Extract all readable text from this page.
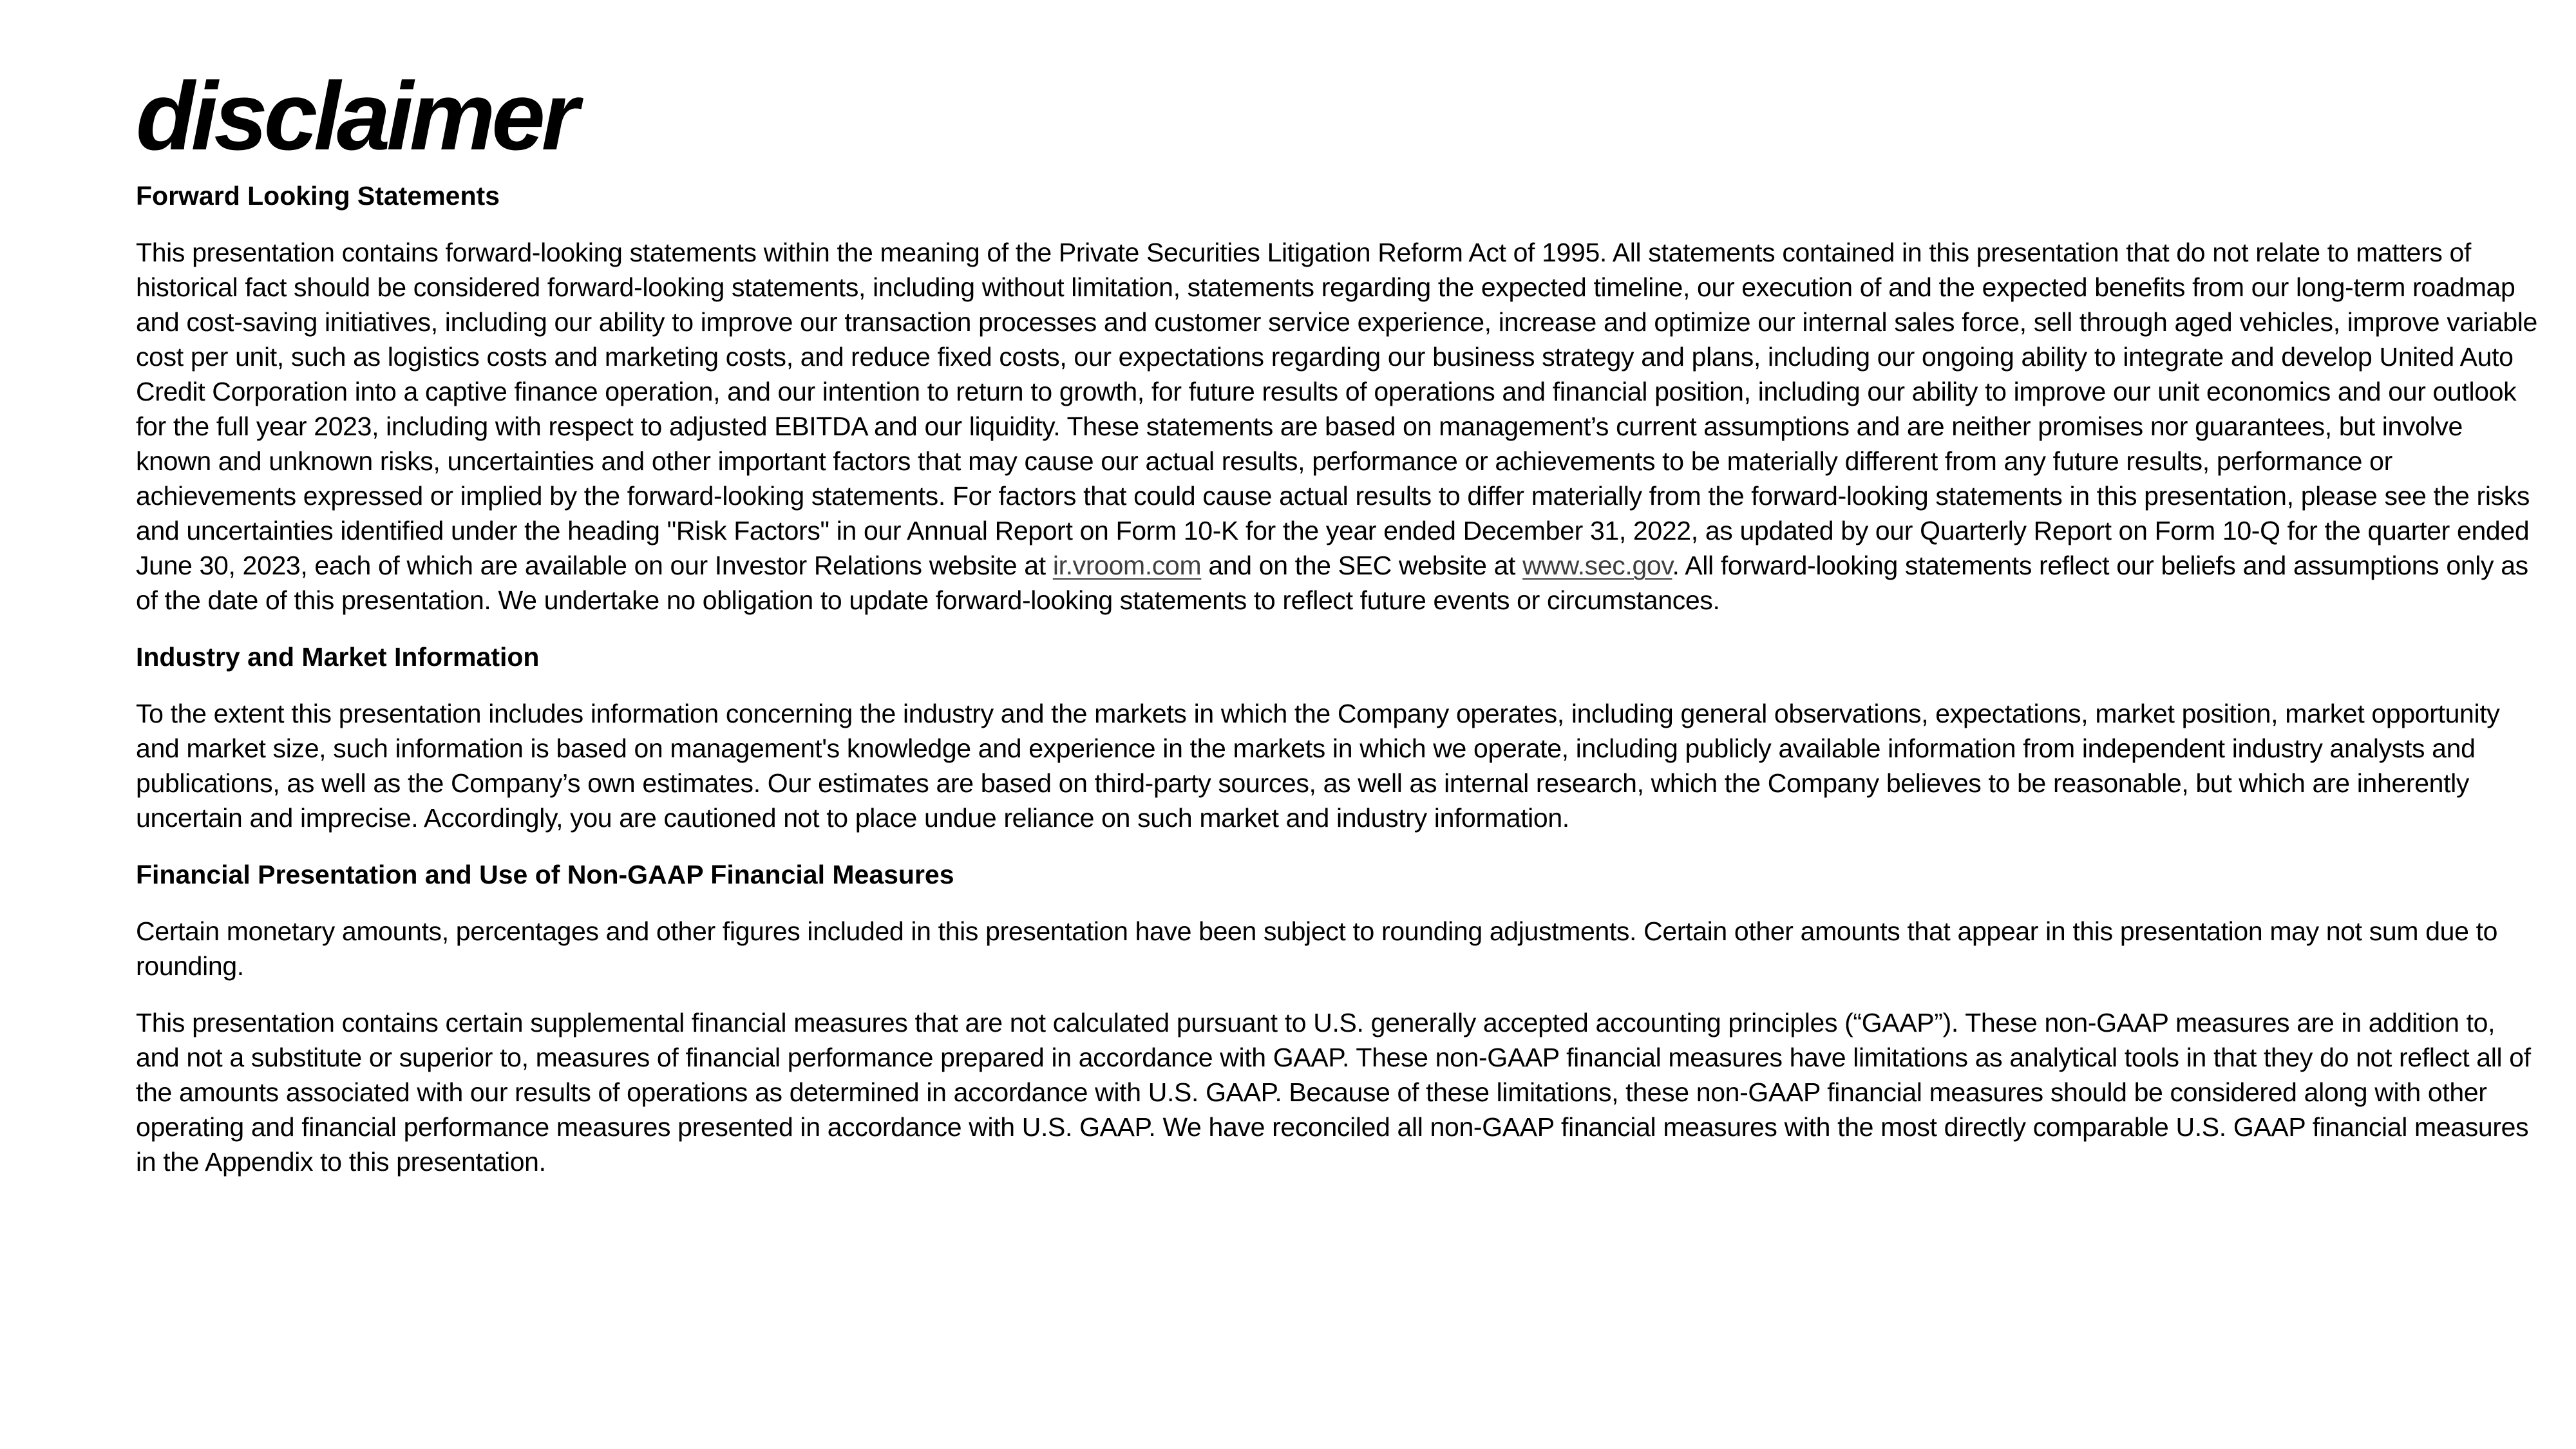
disclaimer
Forward Looking Statements

This presentation contains forward-looking statements within the meaning of the Private Securities Litigation Reform Act of 1995. All statements contained in this presentation that do not relate to matters of historical fact should be considered forward-looking statements, including without limitation, statements regarding the expected timeline, our execution of and the expected benefits from our long-term roadmap and cost-saving initiatives, including our ability to improve our transaction processes and customer service experience, increase and optimize our internal sales force, sell through aged vehicles, improve variable cost per unit, such as logistics costs and marketing costs, and reduce fixed costs, our expectations regarding our business strategy and plans, including our ongoing ability to integrate and develop United Auto Credit Corporation into a captive finance operation, and our intention to return to growth, for future results of operations and financial position, including our ability to improve our unit economics and our outlook for the full year 2023, including with respect to adjusted EBITDA and our liquidity. These statements are based on management’s current assumptions and are neither promises nor guarantees, but involve known and unknown risks, uncertainties and other important factors that may cause our actual results, performance or achievements to be materially different from any future results, performance or achievements expressed or implied by the forward-looking statements. For factors that could cause actual results to differ materially from the forward-looking statements in this presentation, please see the risks and uncertainties identified under the heading "Risk Factors" in our Annual Report on Form 10-K for the year ended December 31, 2022, as updated by our Quarterly Report on Form 10-Q for the quarter ended June 30, 2023, each of which are available on our Investor Relations website at ir.vroom.com and on the SEC website at www.sec.gov. All forward-looking statements reflect our beliefs and assumptions only as of the date of this presentation. We undertake no obligation to update forward-looking statements to reflect future events or circumstances.

Industry and Market Information

To the extent this presentation includes information concerning the industry and the markets in which the Company operates, including general observations, expectations, market position, market opportunity and market size, such information is based on management's knowledge and experience in the markets in which we operate, including publicly available information from independent industry analysts and publications, as well as the Company’s own estimates. Our estimates are based on third-party sources, as well as internal research, which the Company believes to be reasonable, but which are inherently uncertain and imprecise. Accordingly, you are cautioned not to place undue reliance on such market and industry information.

Financial Presentation and Use of Non-GAAP Financial Measures

Certain monetary amounts, percentages and other figures included in this presentation have been subject to rounding adjustments. Certain other amounts that appear in this presentation may not sum due to rounding.

This presentation contains certain supplemental financial measures that are not calculated pursuant to U.S. generally accepted accounting principles (“GAAP”). These non-GAAP measures are in addition to, and not a substitute or superior to, measures of financial performance prepared in accordance with GAAP. These non-GAAP financial measures have limitations as analytical tools in that they do not reflect all of the amounts associated with our results of operations as determined in accordance with U.S. GAAP. Because of these limitations, these non-GAAP financial measures should be considered along with other operating and financial performance measures presented in accordance with U.S. GAAP. We have reconciled all non-GAAP financial measures with the most directly comparable U.S. GAAP financial measures in the Appendix to this presentation.
